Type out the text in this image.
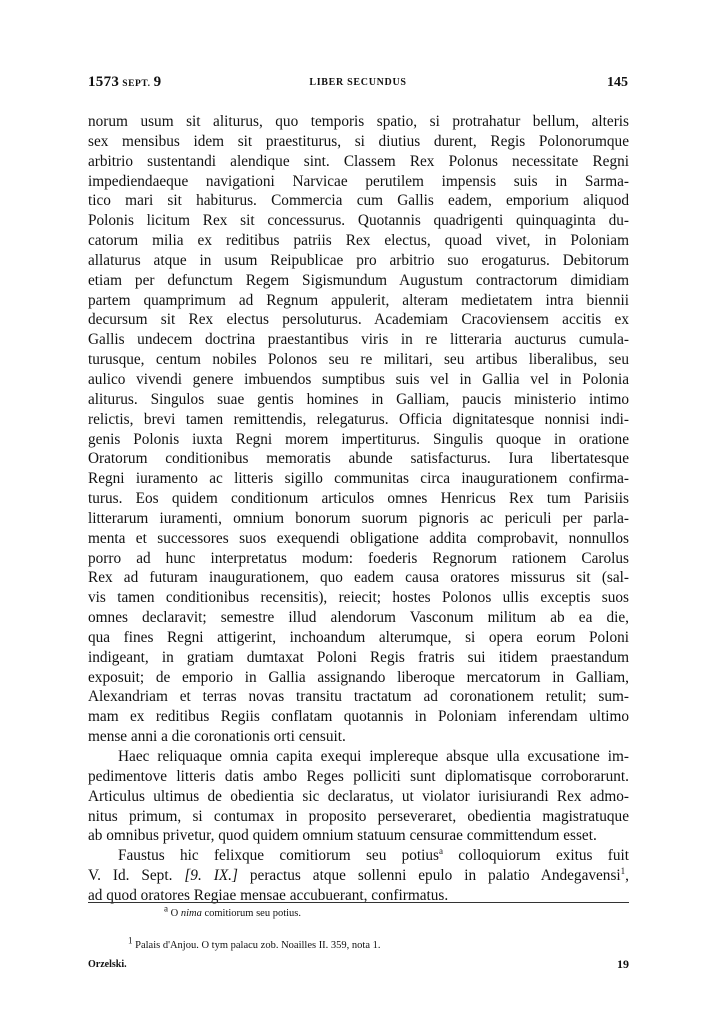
1573 SEPT. 9	LIBER SECUNDUS	145
norum usum sit aliturus, quo temporis spatio, si protrahatur bellum, alteris
sex mensibus idem sit praestiturus, si diutius durent, Regis Polonorumque
arbitrio sustentandi alendique sint. Classem Rex Polonus necessitate Regni
impediendaeque navigationi Narvicae perutilem impensis suis in Sarma-
tico mari sit habiturus. Commercia cum Gallis eadem, emporium aliquod
Polonis licitum Rex sit concessurus. Quotannis quadrigenti quinquaginta du-
catorum milia ex reditibus patriis Rex electus, quoad vivet, in Poloniam
allaturus atque in usum Reipublicae pro arbitrio suo erogaturus. Debitorum
etiam per defunctum Regem Sigismundum Augustum contractorum dimidiam
partem quamprimum ad Regnum appulerit, alteram medietatem intra biennii
decursum sit Rex electus persoluturus. Academiam Cracoviensem accitis ex
Gallis undecem doctrina praestantibus viris in re litteraria aucturus cumula-
turusque, centum nobiles Polonos seu re militari, seu artibus liberalibus, seu
aulico vivendi genere imbuendos sumptibus suis vel in Gallia vel in Polonia
aliturus. Singulos suae gentis homines in Galliam, paucis ministerio intimo
relictis, brevi tamen remittendis, relegaturus. Officia dignitatesque nonnisi indi-
genis Polonis iuxta Regni morem impertiturus. Singulis quoque in oratione
Oratorum conditionibus memoratis abunde satisfacturus. Iura libertatesque
Regni iuramento ac litteris sigillo communitas circa inaugurationem confirma-
turus. Eos quidem conditionum articulos omnes Henricus Rex tum Parisiis
litterarum iuramenti, omnium bonorum suorum pignoris ac periculi per parla-
menta et successores suos exequendi obligatione addita comprobavit, nonnullos
porro ad hunc interpretatus modum: foederis Regnorum rationem Carolus
Rex ad futuram inaugurationem, quo eadem causa oratores missurus sit (sal-
vis tamen conditionibus recensitis), reiecit; hostes Polonos ullis exceptis suos
omnes declaravit; semestre illud alendorum Vasconum militum ab ea die,
qua fines Regni attigerint, inchoandum alterumque, si opera eorum Poloni
indigeant, in gratiam dumtaxat Poloni Regis fratris sui itidem praestandum
exposuit; de emporio in Gallia assignando liberoque mercatorum in Galliam,
Alexandriam et terras novas transitu tractatum ad coronationem retulit; sum-
mam ex reditibus Regiis conflatam quotannis in Poloniam inferendam ultimo
mense anni a die coronationis orti censuit.
Haec reliquaque omnia capita exequi implereque absque ulla excusatione im-
pedimentove litteris datis ambo Reges polliciti sunt diplomatisque corroborarunt.
Articulus ultimus de obedientia sic declaratus, ut violator iurisiurandi Rex admo-
nitus primum, si contumax in proposito perseveraret, obedientia magistratuque
ab omnibus privetur, quod quidem omnium statuum censurae committendum esset.
Faustus hic felixque comitiorum seu potius$^a$ colloquiorum exitus fuit
V. Id. Sept. [9. IX.] peractus atque sollenni epulo in palatio Andegavensi$^1$,
ad quod oratores Regiae mensae accubuerant, confirmatus.
$^a$ O nima comitiorum seu potius.
$^1$ Palais d'Anjou. O tym palacu zob. Noailles II. 359, nota 1.
Orzelski.	19
